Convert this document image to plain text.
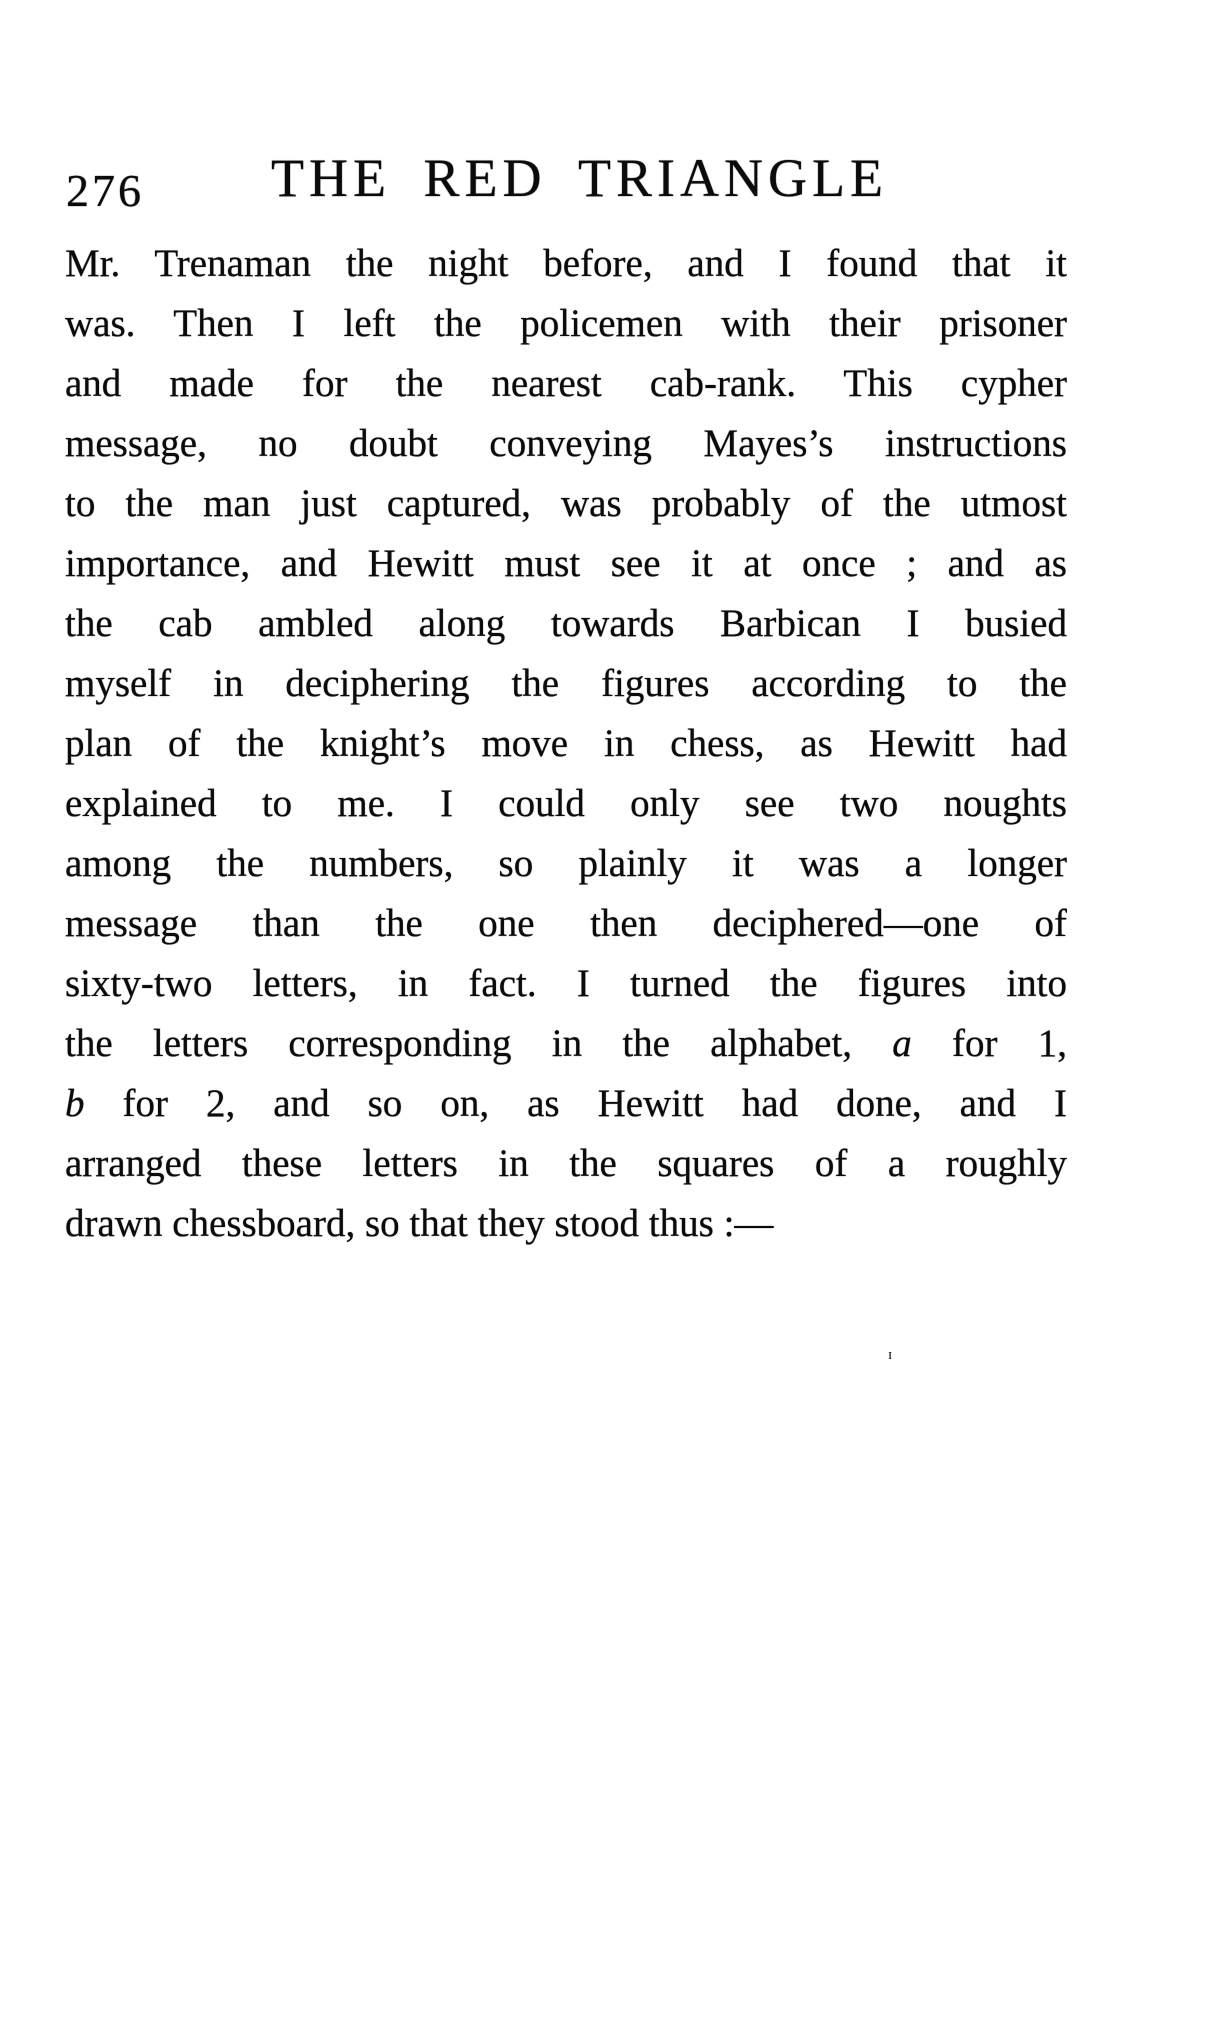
276 THE RED TRIANGLE
Mr. Trenaman the night before, and I found that it
was. Then I left the policemen with their prisoner
and made for the nearest cab-rank. This cypher
message, no doubt conveying Mayes’s instructions
to the man just captured, was probably of the utmost
importance, and Hewitt must see it at once ; and as
the cab ambled along towards Barbican I busied
myself in deciphering the figures according to the
plan of the knight’s move in chess, as Hewitt had
explained to me. I could only see two noughts
among the numbers, so plainly it was a longer
message than the one then deciphered—one of
sixty-two letters, in fact. I turned the figures into
the letters corresponding in the alphabet, a for 1,
b for 2, and so on, as Hewitt had done, and I
arranged these letters in the squares of a roughly
drawn chessboard, so that they stood thus :—
ɪ
